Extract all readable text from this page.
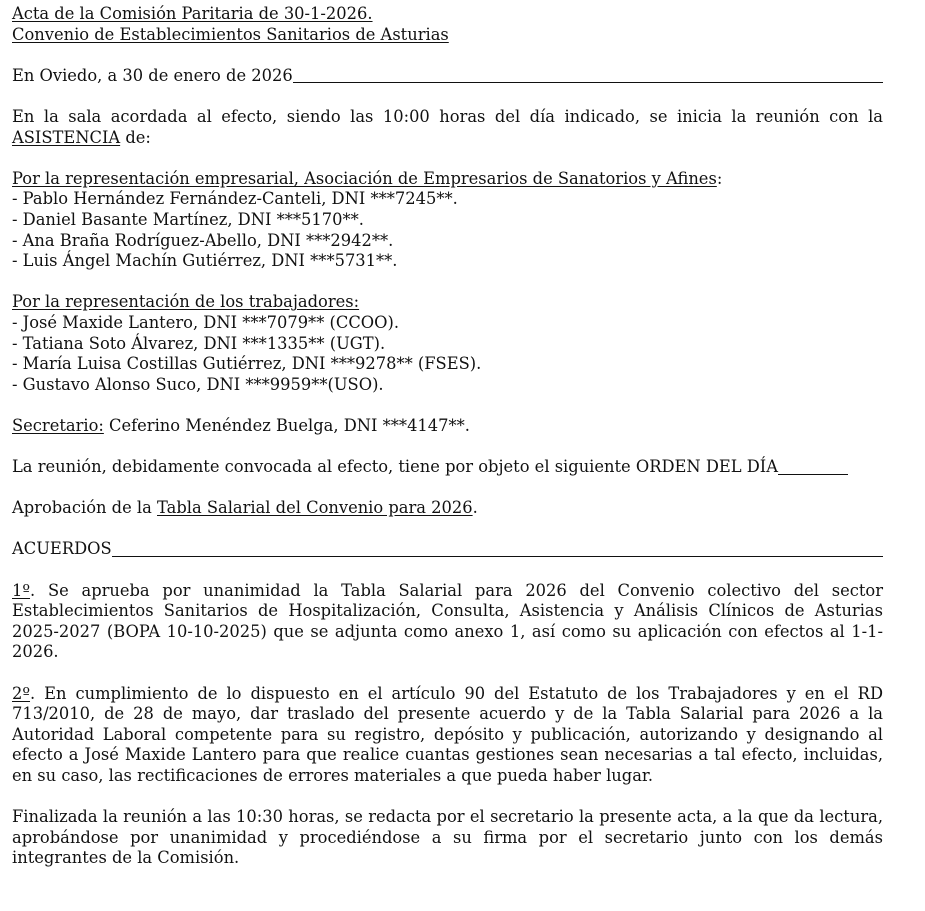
Acta de la Comisión Paritaria de 30-1-2026.

Convenio de Establecimientos Sanitarios de Asturias

En Oviedo, a 30 de enero de 2026

En la sala acordada al efecto, siendo las 10:00 horas del día indicado, se inicia la reunión con la ASISTENCIA de:

Por la representación empresarial, Asociación de Empresarios de Sanatorios y Afines:

- Pablo Hernández Fernández-Canteli, DNI ***7245**.

- Daniel Basante Martínez, DNI ***5170**.

- Ana Braña Rodríguez-Abello, DNI ***2942**.

- Luis Ángel Machín Gutiérrez, DNI ***5731**.

Por la representación de los trabajadores:

- José Maxide Lantero, DNI ***7079** (CCOO).

- Tatiana Soto Álvarez, DNI ***1335** (UGT).

- María Luisa Costillas Gutiérrez, DNI ***9278** (FSES).

- Gustavo Alonso Suco, DNI ***9959**(USO).

Secretario: Ceferino Menéndez Buelga, DNI ***4147**.

La reunión, debidamente convocada al efecto, tiene por objeto el siguiente ORDEN DEL DÍA

Aprobación de la Tabla Salarial del Convenio para 2026.

ACUERDOS

1º. Se aprueba por unanimidad la Tabla Salarial para 2026 del Convenio colectivo del sector Establecimientos Sanitarios de Hospitalización, Consulta, Asistencia y Análisis Clínicos de Asturias 2025-2027 (BOPA 10-10-2025) que se adjunta como anexo 1, así como su aplicación con efectos al 1-1-2026.

2º. En cumplimiento de lo dispuesto en el artículo 90 del Estatuto de los Trabajadores y en el RD 713/2010, de 28 de mayo, dar traslado del presente acuerdo y de la Tabla Salarial para 2026 a la Autoridad Laboral competente para su registro, depósito y publicación, autorizando y designando al efecto a José Maxide Lantero para que realice cuantas gestiones sean necesarias a tal efecto, incluidas, en su caso, las rectificaciones de errores materiales a que pueda haber lugar.

Finalizada la reunión a las 10:30 horas, se redacta por el secretario la presente acta, a la que da lectura, aprobándose por unanimidad y procediéndose a su firma por el secretario junto con los demás integrantes de la Comisión.
